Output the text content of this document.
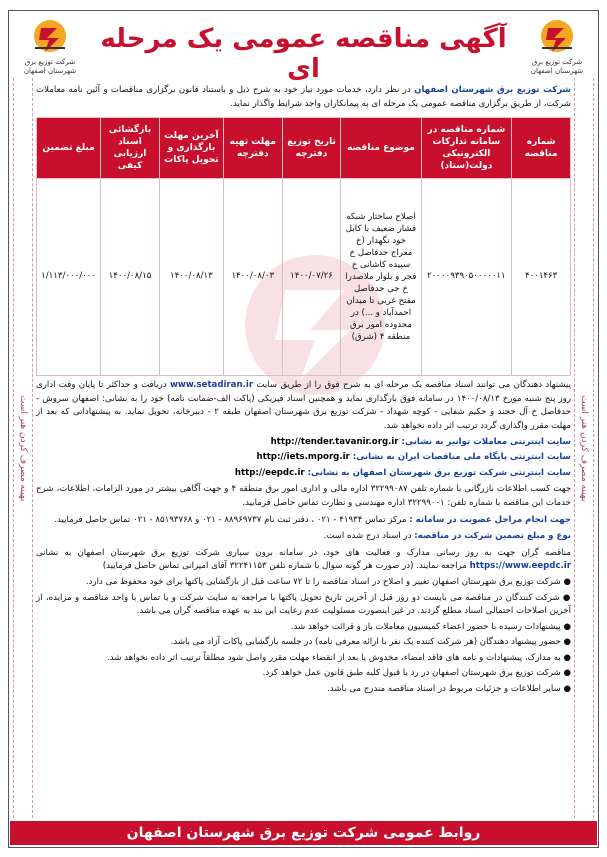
بهینه مصرف کردن هنر است	بهینه مصرف کردن هنر است
شرکت توزیع برق
شهرستان اصفهان
شرکت توزیع برق
شهرستان اصفهان
آگهی مناقصه عمومی یک مرحله ای

شرکت توزیع برق شهرستان اصفهان در نظر دارد، خدمات مورد نیاز خود به شرح ذیل و باستناد قانون برگزاری مناقصات و آئین نامه معاملات شرکت، از طریق برگزاری مناقصه عمومی یک مرحله ای به پیمانکاران واجد شرایط واگذار نماید.

شماره مناقصه	شماره مناقصه در سامانه تدارکات الکترونیکی دولت(ستاد)	موضوع مناقصه	تاریخ توزیع دفترچه	مهلت تهیه دفترچه	آخرین مهلت بارگذاری و تحویل پاکات	بازگشائی اسناد ارزیابی کیفی	مبلغ تضمین
۴۰۰۱۴۶۳	۲۰۰۰۰۹۳۹۰۵۰۰۰۰۰۱۱	اصلاح ساختار شبکه فشار ضعیف با کابل خود نگهدار (خ معراج حدفاصل خ سپیده کاشانی خ فجر و بلوار ملاصدرا خ جی حدفاصل مفتح غربی تا میدان احمدآباد و ...) در محدوده امور برق منطقه ۴ (شرق)	۱۴۰۰/۰۷/۲۶	۱۴۰۰/۰۸/۰۳	۱۴۰۰/۰۸/۱۳	۱۴۰۰/۰۸/۱۵	۱/۱۱۳/۰۰۰/۰۰۰

پیشنهاد دهندگان می توانند اسناد مناقصه یک مرحله ای به شرح فوق را از طریق سایت www.setadiran.ir دریافت و حداکثر تا پایان وقت اداری روز پنج شنبه مورخ ۱۴۰۰/۰۸/۱۳ در سامانه فوق بارگذاری نماید و همچنین اسناد فیزیکی (پاکت الف-ضمانت نامه) خود را به نشانی: اصفهان سروش - حدفاصل خ آل خجند و حکیم شفایی - کوچه شهداد - شرکت توزیع برق شهرستان اصفهان طبقه ۲ - دبیرخانه، تحویل نماید. به پیشنهاداتی که بعد از مهلت مقرر واگذاری گردد ترتیب اثر داده نخواهد شد.

سایت اینترنتی معاملات توانیر به نشانی: http://tender.tavanir.org.ir

سایت اینترنتی پایگاه ملی مناقصات ایران به نشانی: http://iets.mporg.ir

سایت اینترنتی شرکت توزیع برق شهرستان اصفهان به نشانی: http://eepdc.ir

جهت کسب اطلاعات بازرگانی با شماره تلفن ۳۲۲۹۹۰۸۷ اداره مالی و اداری امور برق منطقه ۴ و جهت آگاهی بیشتر در مورد الزامات، اطلاعات، شرح خدمات این مناقصه با شماره تلفن: ۳۲۲۹۹۰۰۱ اداره مهندسی و نظارت تماس حاصل فرمایید.

جهت انجام مراحل عضویت در سامانه : مرکز تماس ۴۱۹۳۴ - ۰۲۱ ، دفتر ثبت نام ۸۸۹۶۹۷۳۷ - ۰۲۱ و ۸۵۱۹۳۷۶۸ - ۰۲۱ تماس حاصل فرمایید.

نوع و مبلغ تضمین شرکت در مناقصه: در اسناد درج شده است.

مناقصه گران جهت به روز رسانی مدارک و فعالیت های خود، در سامانه برون سپاری شرکت توزیع برق شهرستان اصفهان به نشانی https://www.eepdc.ir مراجعه نمایند. (در صورت هر گونه سوال با شماره تلفن ۳۲۲۴۱۱۵۳ آقای امیرانی تماس حاصل فرمایید)

● شرکت توزیع برق شهرستان اصفهان تغییر و اصلاح در اسناد مناقصه را تا ۷۲ ساعت قبل از بازگشایی پاکتها برای خود محفوظ می دارد.

● شرکت کنندگان در مناقصه می بایست دو روز قبل از آخرین تاریخ تحویل پاکتها با مراجعه به سایت شرکت و یا تماس با واحد مناقصه و مزایده، از آخرین اصلاحات احتمالی اسناد مطلع گردند. در غیر اینصورت مسئولیت عدم رعایت این بند به عهده مناقصه گران می باشد.

● پیشنهادات رسیده با حضور اعضاء کمیسیون معاملات باز و قرائت خواهد شد.

● حضور پیشنهاد دهندگان (هر شرکت کننده یک نفر با ارائه معرفی نامه) در جلسه بازگشایی پاکات آزاد می باشد.

● به مدارک، پیشنهادات و نامه های فاقد امضاء، مخدوش یا بعد از انقضاء مهلت مقرر واصل شود مطلقاً ترتیب اثر داده نخواهد شد.

● شرکت توزیع برق شهرستان اصفهان در رد یا قبول کلیه طبق قانون عمل خواهد کرد.

● سایر اطلاعات و جزئیات مربوط در اسناد مناقصه مندرج می باشد.

روابط عمومی شرکت توزیع برق شهرستان اصفهان
